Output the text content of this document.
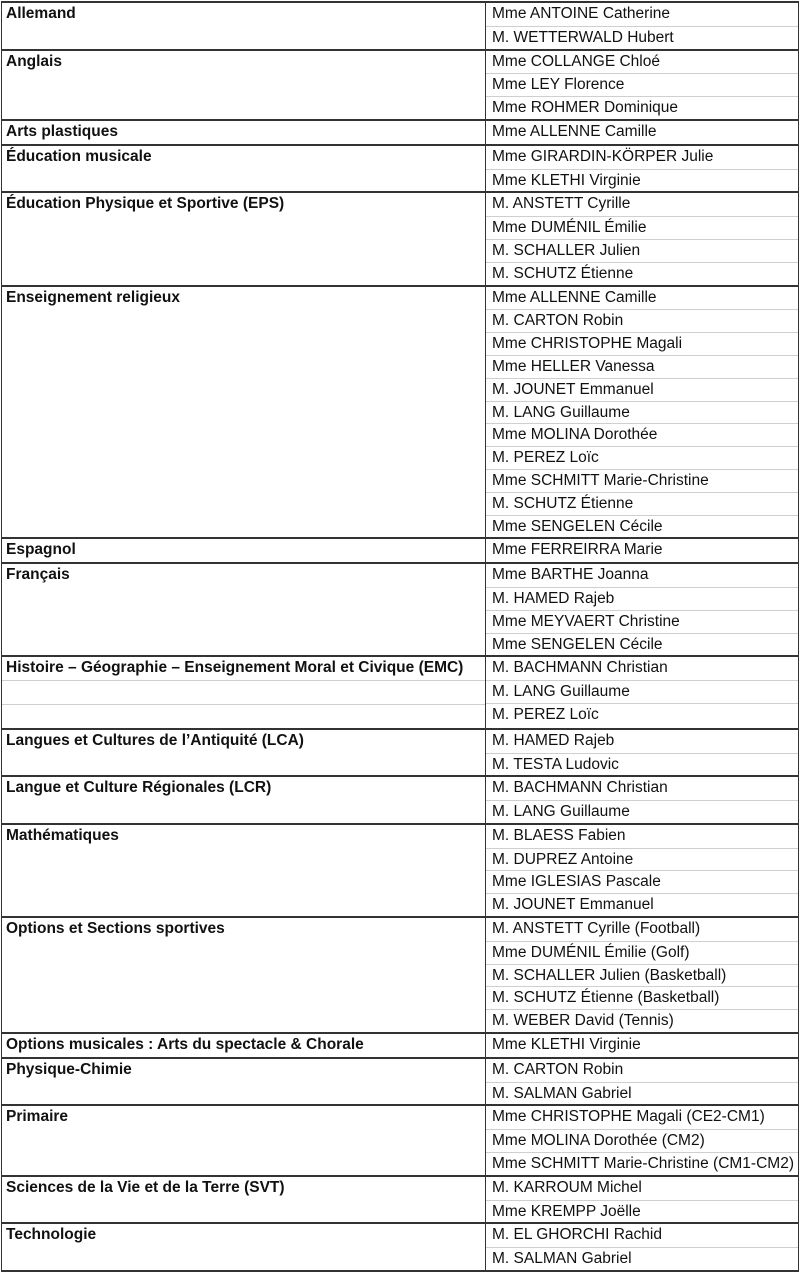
Allemand	Mme ANTOINE Catherine
M. WETTERWALD Hubert
Anglais	Mme COLLANGE Chloé
Mme LEY Florence
Mme ROHMER Dominique
Arts plastiques	Mme ALLENNE Camille
Éducation musicale	Mme GIRARDIN-KÖRPER Julie
Mme KLETHI Virginie
Éducation Physique et Sportive (EPS)	M. ANSTETT Cyrille
Mme DUMÉNIL Émilie
M. SCHALLER Julien
M. SCHUTZ Étienne
Enseignement religieux	Mme ALLENNE Camille
M. CARTON Robin
Mme CHRISTOPHE Magali
Mme HELLER Vanessa
M. JOUNET Emmanuel
M. LANG Guillaume
Mme MOLINA Dorothée
M. PEREZ Loïc
Mme SCHMITT Marie-Christine
M. SCHUTZ Étienne
Mme SENGELEN Cécile
Espagnol	Mme FERREIRRA Marie
Français	Mme BARTHE Joanna
M. HAMED Rajeb
Mme MEYVAERT Christine
Mme SENGELEN Cécile
Histoire – Géographie – Enseignement Moral et Civique (EMC)	M. BACHMANN Christian
M. LANG Guillaume
M. PEREZ Loïc
Langues et Cultures de l’Antiquité (LCA)	M. HAMED Rajeb
M. TESTA Ludovic
Langue et Culture Régionales (LCR)	M. BACHMANN Christian
M. LANG Guillaume
Mathématiques	M. BLAESS Fabien
M. DUPREZ Antoine
Mme IGLESIAS Pascale
M. JOUNET Emmanuel
Options et Sections sportives	M. ANSTETT Cyrille (Football)
Mme DUMÉNIL Émilie (Golf)
M. SCHALLER Julien (Basketball)
M. SCHUTZ Étienne (Basketball)
M. WEBER David (Tennis)
Options musicales : Arts du spectacle & Chorale	Mme KLETHI Virginie
Physique-Chimie	M. CARTON Robin
M. SALMAN Gabriel
Primaire	Mme CHRISTOPHE Magali (CE2-CM1)
Mme MOLINA Dorothée (CM2)
Mme SCHMITT Marie-Christine (CM1-CM2)
Sciences de la Vie et de la Terre (SVT)	M. KARROUM Michel
Mme KREMPP Joëlle
Technologie	M. EL GHORCHI Rachid
M. SALMAN Gabriel
